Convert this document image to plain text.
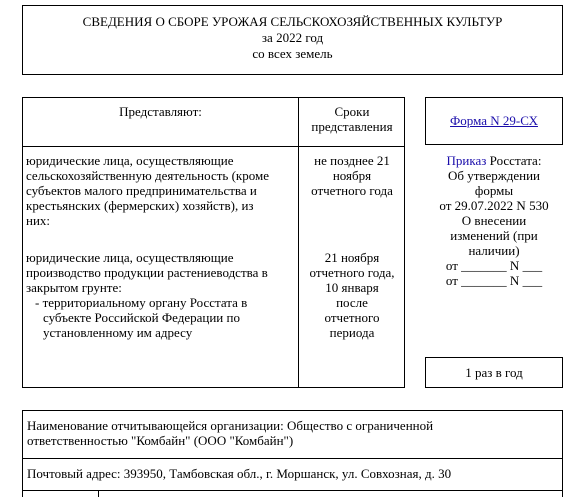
СВЕДЕНИЯ О СБОРЕ УРОЖАЯ СЕЛЬСКОХОЗЯЙСТВЕННЫХ КУЛЬТУР
за 2022 год
со всех земель
Представляют:	Сроки
представления
юридические лица, осуществляющие
сельскохозяйственную деятельность (кроме
субъектов малого предпринимательства и
крестьянских (фермерских) хозяйств), из
них:
юридические лица, осуществляющие
производство продукции растениеводства в
закрытом грунте:
- территориальному органу Росстата в
субъекте Российской Федерации по
установленному им адресу
не позднее 21
ноября
отчетного года
21 ноября
отчетного года,
10 января
после
отчетного
периода
Форма N 29-СХ
Приказ Росстата:
Об утверждении
формы
от 29.07.2022 N 530
О внесении
изменений (при
наличии)
от _______ N ___
от _______ N ___
1 раз в год
Наименование отчитывающейся организации: Общество с ограниченной
ответственностью "Комбайн" (ООО "Комбайн")
Почтовый адрес: 393950, Тамбовская обл., г. Моршанск, ул. Совхозная, д. 30
